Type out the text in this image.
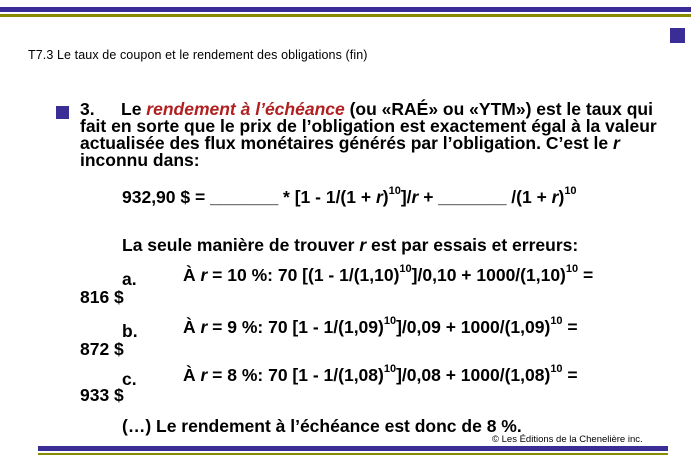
T7.3 Le taux de coupon et le rendement des obligations (fin)
3. Le rendement à l’échéance (ou «RAÉ» ou «YTM») est le taux qui fait en sorte que le prix de l’obligation est exactement égal à la valeur actualisée des flux monétaires générés par l’obligation. C’est le r inconnu dans:
932,90 $ = _______ * $[1 - 1/(1 + r)^{10}]/r$ + _______ $/(1 + r)^{10}$
La seule manière de trouver r est par essais et erreurs:
a.	À r = 10 %: 70 [$(1 - 1/(1,10)^{10}]/0,10 + 1000/(1,10)^{10}$ =
816 $
b.	À r = 9 %: 70 $[1 - 1/(1,09)^{10}]/0,09 + 1000/(1,09)^{10}$ =
872 $
c.	À r = 8 %: 70 $[1 - 1/(1,08)^{10}]/0,08 + 1000/(1,08)^{10}$ =
933 $
(…) Le rendement à l’échéance est donc de 8 %.
© Les Éditions de la Chenelière inc.
